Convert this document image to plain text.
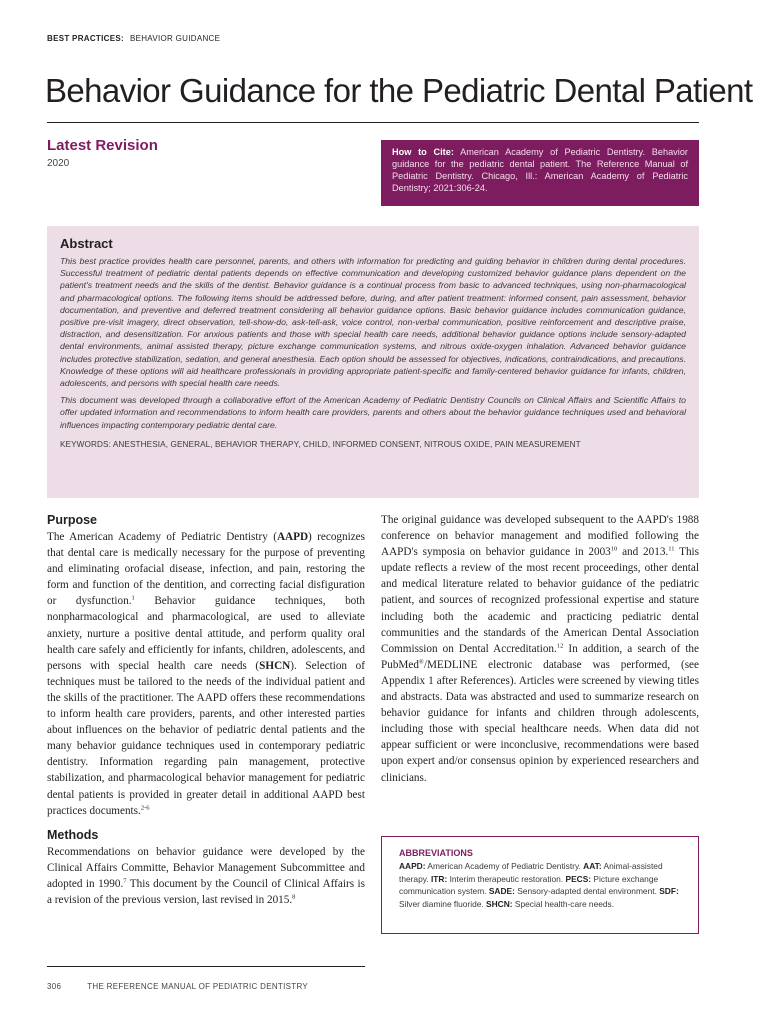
BEST PRACTICES: BEHAVIOR GUIDANCE
Behavior Guidance for the Pediatric Dental Patient
Latest Revision
2020
How to Cite: American Academy of Pediatric Dentistry. Behavior guidance for the pediatric dental patient. The Reference Manual of Pediatric Dentistry. Chicago, Ill.: American Academy of Pediatric Dentistry; 2021:306-24.
Abstract

This best practice provides health care personnel, parents, and others with information for predicting and guiding behavior in children during dental procedures. Successful treatment of pediatric dental patients depends on effective communication and developing customized behavior guidance plans dependent on the patient's treatment needs and the skills of the dentist. Behavior guidance is a continual process from basic to advanced techniques, using non-pharmacological and pharmacological options. The following items should be addressed before, during, and after patient treatment: informed consent, pain assessment, behavior documentation, and preventive and deferred treatment considering all behavior guidance options. Basic behavior guidance includes communication guidance, positive pre-visit imagery, direct observation, tell-show-do, ask-tell-ask, voice control, non-verbal communication, positive reinforcement and descriptive praise, distraction, and desensitization. For anxious patients and those with special health care needs, additional behavior guidance options include sensory-adapted dental environments, animal assisted therapy, picture exchange communication systems, and nitrous oxide-oxygen inhalation. Advanced behavior guidance includes protective stabilization, sedation, and general anesthesia. Each option should be assessed for objectives, indications, contraindications, and precautions. Knowledge of these options will aid healthcare professionals in providing appropriate patient-specific and family-centered behavior guidance for infants, children, adolescents, and persons with special health care needs.

This document was developed through a collaborative effort of the American Academy of Pediatric Dentistry Councils on Clinical Affairs and Scientific Affairs to offer updated information and recommendations to inform health care providers, parents and others about the behavior guidance techniques used and behavioral influences impacting contemporary pediatric dental care.

KEYWORDS: ANESTHESIA, GENERAL, BEHAVIOR THERAPY, CHILD, INFORMED CONSENT, NITROUS OXIDE, PAIN MEASUREMENT
Purpose

The American Academy of Pediatric Dentistry (AAPD) recognizes that dental care is medically necessary for the purpose of preventing and eliminating orofacial disease, infection, and pain, restoring the form and function of the dentition, and correcting facial disfiguration or dysfunction.$^1$ Behavior guidance techniques, both nonpharmacological and pharmacological, are used to alleviate anxiety, nurture a positive dental attitude, and perform quality oral health care safely and efficiently for infants, children, adolescents, and persons with special health care needs (SHCN). Selection of techniques must be tailored to the needs of the individual patient and the skills of the practitioner. The AAPD offers these recommendations to inform health care providers, parents, and other interested parties about influences on the behavior of pediatric dental patients and the many behavior guidance techniques used in contemporary pediatric dentistry. Information regarding pain management, protective stabilization, and pharmacological behavior management for pediatric dental patients is provided in greater detail in additional AAPD best practices documents.$^{2-6}$

Methods

Recommendations on behavior guidance were developed by the Clinical Affairs Committe, Behavior Management Subcommittee and adopted in 1990.$^7$ This document by the Council of Clinical Affairs is a revision of the previous version, last revised in 2015.$^8$

The original guidance was developed subsequent to the AAPD's 1988 conference on behavior management and modified following the AAPD's symposia on behavior guidance in 2003$^{10}$ and 2013.11 This update reflects a review of the most recent proceedings, other dental and medical literature related to behavior guidance of the pediatric patient, and sources of recognized professional expertise and stature including both the academic and practicing pediatric dental communities and the standards of the American Dental Association Commission on Dental Accreditation.$^{12}$ In addition, a search of the PubMed®/MEDLINE electronic database was performed, (see Appendix 1 after References). Articles were screened by viewing titles and abstracts. Data was abstracted and used to summarize research on behavior guidance for infants and children through adolescents, including those with special healthcare needs. When data did not appear sufficient or were inconclusive, recommendations were based upon expert and/or consensus opinion by experienced researchers and clinicians.

ABBREVIATIONS
AAPD: American Academy of Pediatric Dentistry. AAT: Animal-assisted therapy. ITR: Interim therapeutic restoration. PECS: Picture exchange communication system. SADE: Sensory-adapted dental environment. SDF: Silver diamine fluoride. SHCN: Special health-care needs.
306	THE REFERENCE MANUAL OF PEDIATRIC DENTISTRY
